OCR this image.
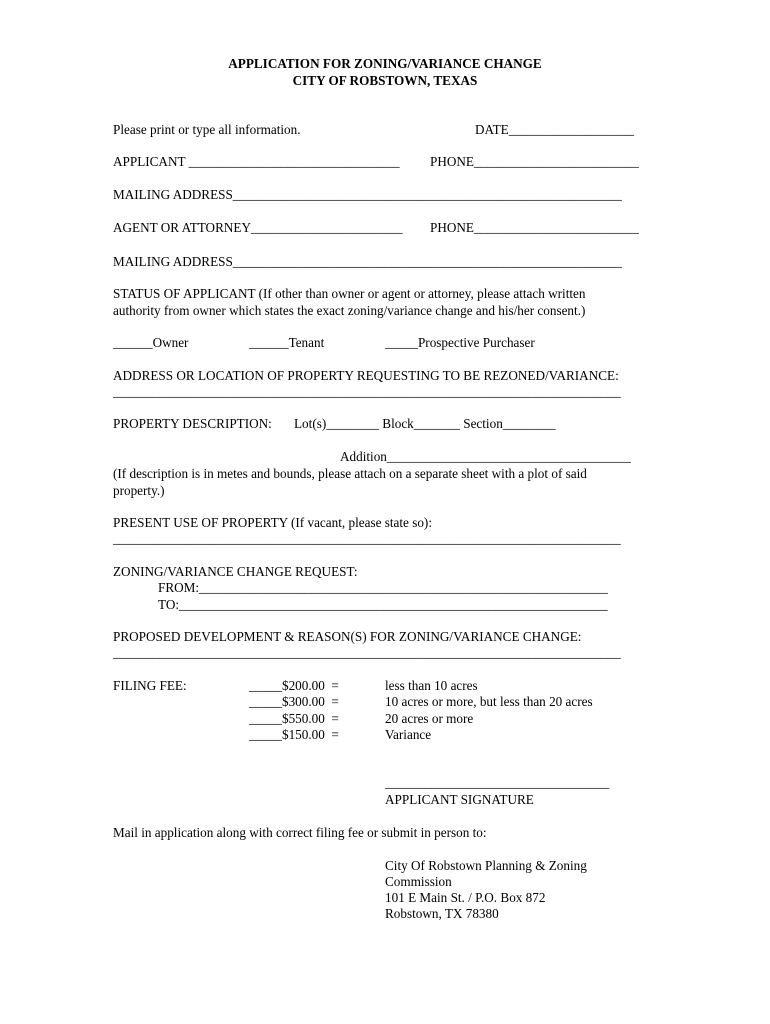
APPLICATION FOR ZONING/VARIANCE CHANGE
CITY OF ROBSTOWN, TEXAS
Please print or type all information.	DATE___________________
APPLICANT ________________________________ PHONE_________________________
MAILING ADDRESS___________________________________________________________
AGENT OR ATTORNEY_______________________ PHONE_________________________
MAILING ADDRESS___________________________________________________________
STATUS OF APPLICANT (If other than owner or agent or attorney, please attach written
authority from owner which states the exact zoning/variance change and his/her consent.)
______Owner	______Tenant	_____Prospective Purchaser
ADDRESS OR LOCATION OF PROPERTY REQUESTING TO BE REZONED/VARIANCE:
_____________________________________________________________________________
PROPERTY DESCRIPTION: Lot(s)________ Block_______ Section________
Addition_____________________________________
(If description is in metes and bounds, please attach on a separate sheet with a plot of said
property.)
PRESENT USE OF PROPERTY (If vacant, please state so):
_____________________________________________________________________________
ZONING/VARIANCE CHANGE REQUEST:
FROM:______________________________________________________________
TO:_________________________________________________________________
PROPOSED DEVELOPMENT & REASON(S) FOR ZONING/VARIANCE CHANGE:
_____________________________________________________________________________
FILING FEE:	_____$200.00  =	less than 10 acres
_____$300.00  =	10 acres or more, but less than 20 acres
_____$550.00  =	20 acres or more
_____$150.00  =	Variance
__________________________________
APPLICANT SIGNATURE
Mail in application along with correct filing fee or submit in person to:
City Of Robstown Planning & Zoning
Commission
101 E Main St. / P.O. Box 872
Robstown, TX 78380
